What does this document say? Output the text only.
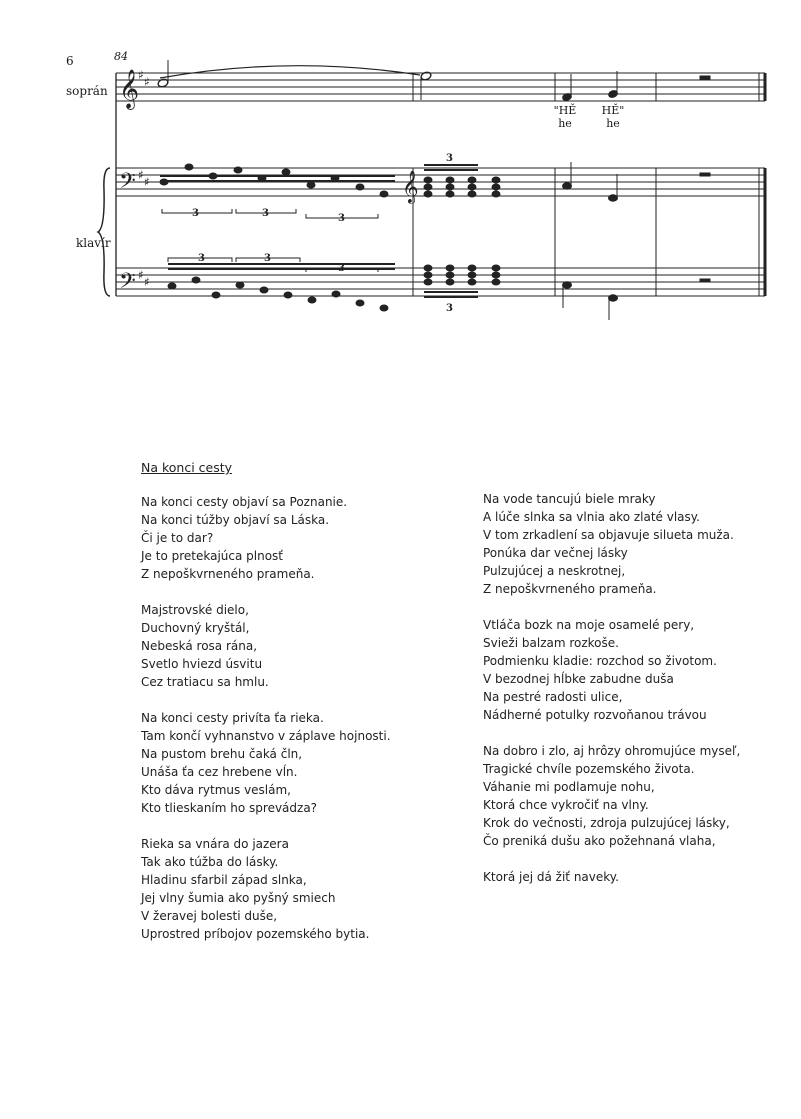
6	84
soprán
klavír
"HĚ
he
HĚ"
he
𝄞
𝄢
𝄢
𝄞
♯ ♯
♯ ♯
♯ ♯
3	3	3
3
3	3
3
3
Na konci cesty
Na konci cesty objaví sa Poznanie.
Na konci túžby objaví sa Láska.
Či je to dar?
Je to pretekajúca plnosť
Z nepoškvrneného prameňa.
Majstrovské dielo,
Duchovný kryštál,
Nebeská rosa rána,
Svetlo hviezd úsvitu
Cez tratiacu sa hmlu.
Na konci cesty privíta ťa rieka.
Tam končí vyhnanstvo v záplave hojnosti.
Na pustom brehu čaká čln,
Unáša ťa cez hrebene vĺn.
Kto dáva rytmus veslám,
Kto tlieskaním ho sprevádza?
Rieka sa vnára do jazera
Tak ako túžba do lásky.
Hladinu sfarbil západ slnka,
Jej vlny šumia ako pyšný smiech
V žeravej bolesti duše,
Uprostred príbojov pozemského bytia.
Na vode tancujú biele mraky
A lúče slnka sa vlnia ako zlaté vlasy.
V tom zrkadlení sa objavuje silueta muža.
Ponúka dar večnej lásky
Pulzujúcej a neskrotnej,
Z nepoškvrneného prameňa.
Vtláča bozk na moje osamelé pery,
Svieži balzam rozkoše.
Podmienku kladie: rozchod so životom.
V bezodnej hĺbke zabudne duša
Na pestré radosti ulice,
Nádherné potulky rozvoňanou trávou
Na dobro i zlo, aj hrôzy ohromujúce myseľ,
Tragické chvíle pozemského života.
Váhanie mi podlamuje nohu,
Ktorá chce vykročiť na vlny.
Krok do večnosti, zdroja pulzujúcej lásky,
Čo preniká dušu ako požehnaná vlaha,
Ktorá jej dá žiť naveky.
